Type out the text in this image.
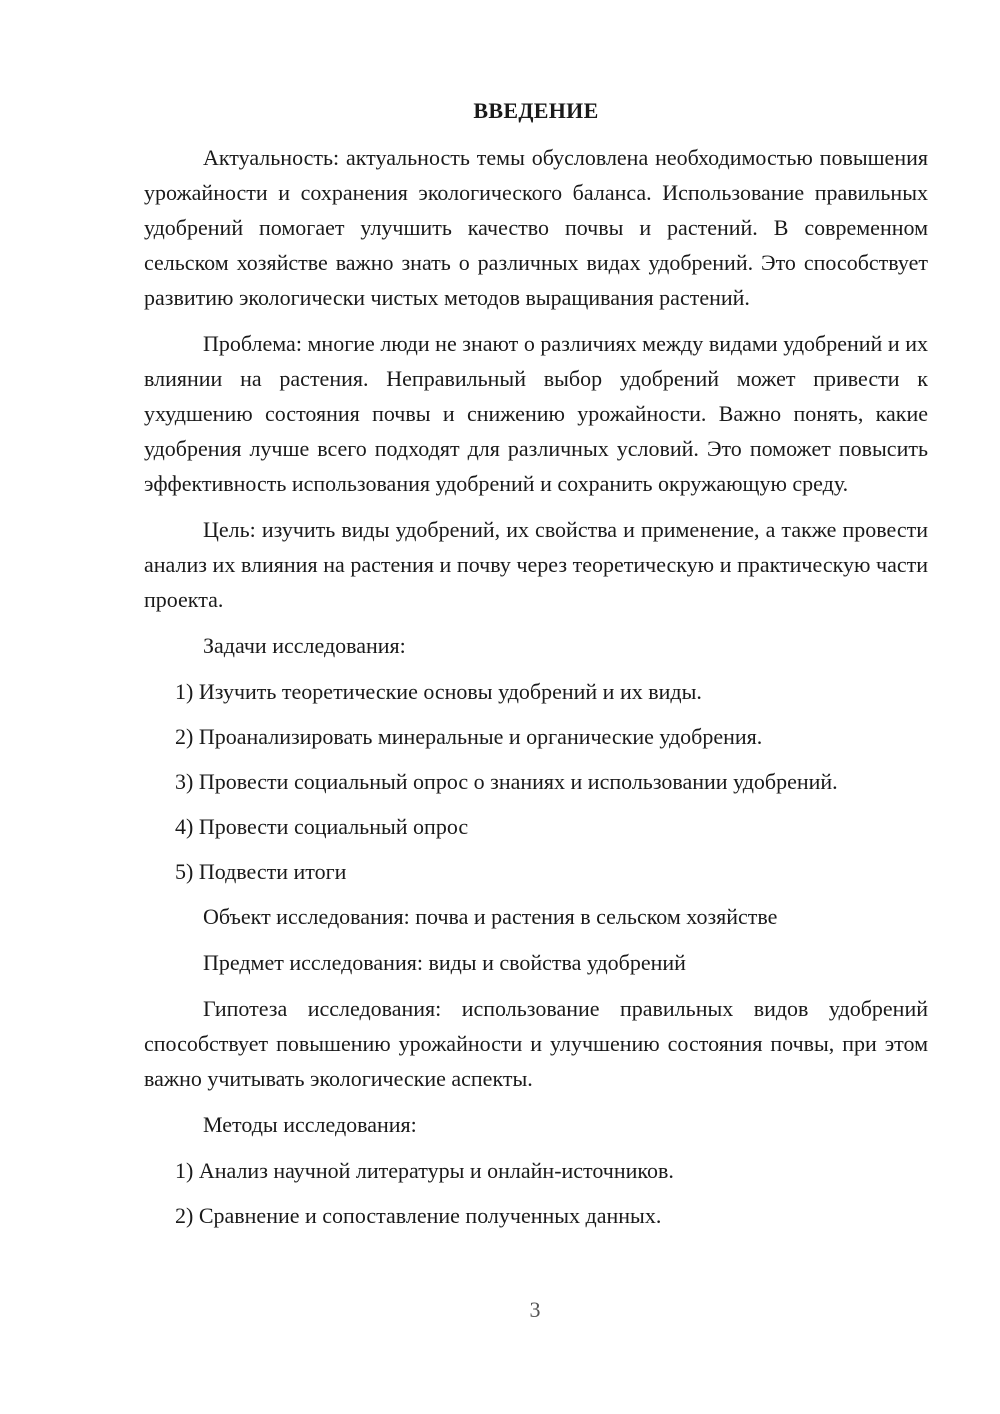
ВВЕДЕНИЕ

Актуальность: актуальность темы обусловлена необходимостью повышения урожайности и сохранения экологического баланса. Использование правильных удобрений помогает улучшить качество почвы и растений. В современном сельском хозяйстве важно знать о различных видах удобрений. Это способствует развитию экологически чистых методов выращивания растений.

Проблема: многие люди не знают о различиях между видами удобрений и их влиянии на растения. Неправильный выбор удобрений может привести к ухудшению состояния почвы и снижению урожайности. Важно понять, какие удобрения лучше всего подходят для различных условий. Это поможет повысить эффективность использования удобрений и сохранить окружающую среду.

Цель: изучить виды удобрений, их свойства и применение, а также провести анализ их влияния на растения и почву через теоретическую и практическую части проекта.

Задачи исследования:
1) Изучить теоретические основы удобрений и их виды.
2) Проанализировать минеральные и органические удобрения.
3) Провести социальный опрос о знаниях и использовании удобрений.
4) Провести социальный опрос
5) Подвести итоги
Объект исследования: почва и растения в сельском хозяйстве
Предмет исследования: виды и свойства удобрений

Гипотеза исследования: использование правильных видов удобрений способствует повышению урожайности и улучшению состояния почвы, при этом важно учитывать экологические аспекты.

Методы исследования:
1) Анализ научной литературы и онлайн-источников.
2) Сравнение и сопоставление полученных данных.
3
